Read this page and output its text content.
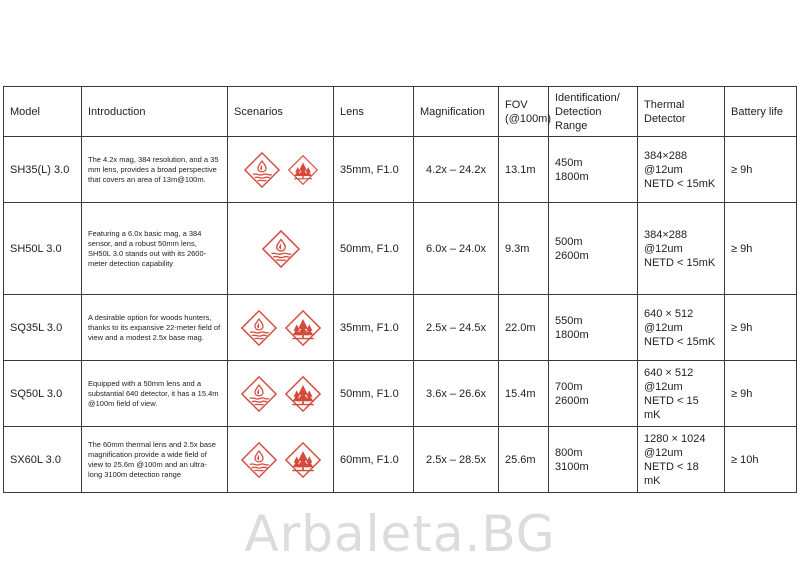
Model	Introduction	Scenarios	Lens	Magnification	FOV
(@100m)	Identification/
Detection
Range	Thermal
Detector	Battery life
SH35(L) 3.0	The 4.2x mag, 384 resolution, and a 35 mm lens, provides a broad perspective that covers an area of 13m@100m.		35mm, F1.0	4.2x – 24.2x	13.1m	450m
1800m	384×288
@12um
NETD < 15mK	≥ 9h
SH50L 3.0	Featuring a 6.0x basic mag, a 384 sensor, and a robust 50mm lens, SH50L 3.0 stands out with its 2600-meter detection capability		50mm, F1.0	6.0x – 24.0x	9.3m	500m
2600m	384×288
@12um
NETD < 15mK	≥ 9h
SQ35L 3.0	A desirable option for woods hunters, thanks to its expansive 22-meter field of view and a modest 2.5x base mag.		35mm, F1.0	2.5x – 24.5x	22.0m	550m
1800m	640 × 512
@12um
NETD < 15mK	≥ 9h
SQ50L 3.0	Equipped with a 50mm lens and a substantial 640 detector, it has a 15.4m @100m field of view.		50mm, F1.0	3.6x – 26.6x	15.4m	700m
2600m	640 × 512
@12um
NETD < 15 mK	≥ 9h
SX60L 3.0	The 60mm thermal lens and 2.5x base magnification provide a wide field of view to 25.6m @100m and an ultra-long 3100m detection range		60mm, F1.0	2.5x – 28.5x	25.6m	800m
3100m	1280 × 1024
@12um
NETD < 18 mK	≥ 10h
Arbaleta.BG
